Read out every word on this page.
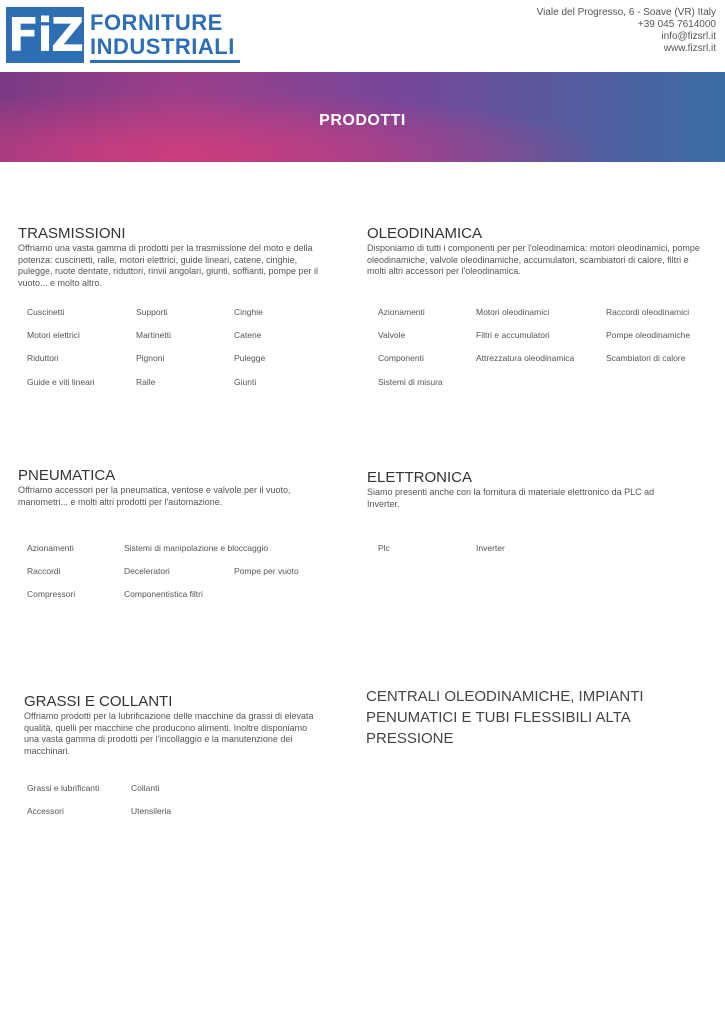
FiZ FORNITURE
INDUSTRIALI
Viale del Progresso, 6 - Soave (VR) Italy
+39 045 7614000
info@fizsrl.it
www.fizsrl.it
PRODOTTI
TRASMISSIONI
Offriamo una vasta gamma di prodotti per la trasmissione del moto e della potenza: cuscinetti, ralle, motori elettrici, guide lineari, catene, cinghie, pulegge, ruote dentate, riduttori, rinvii angolari, giunti, soffianti, pompe per il vuoto... e molto altro.
Cuscinetti	Supporti	Cinghie
Motori elettrici	Martinetti	Catene
Riduttori	Pignoni	Pulegge
Guide e viti lineari	Ralle	Giunti
OLEODINAMICA
Disponiamo di tutti i componenti per per l'oleodinamica: motori oleodinamici, pompe oleodinamiche, valvole oleodinamiche, accumulatori, scambiatori di calore, filtri e molti altri accessori per l'oleodinamica.
Azionamenti	Motori oleodinamici	Raccordi oleodinamici
Valvole	Filtri e accumulatori	Pompe oleodinamiche
Componenti	Attrezzatura oleodinamica	Scambiatori di calore
Sistemi di misura
PNEUMATICA
Offriamo accessori per la pneumatica, ventose e valvole per il vuoto, manometri... e molti altri prodotti per l'automazione.
Azionamenti	Sistemi di manipolazione e bloccaggio
Raccordi	Deceleratori	Pompe per vuoto
Compressori	Componentistica filtri
ELETTRONICA
Siamo presenti anche con la fornitura di materiale elettronico da PLC ad Inverter.
Plc	Inverter
GRASSI E COLLANTI
Offriamo prodotti per la lubrificazione delle macchine da grassi di elevata qualità, quelli per macchine che producono alimenti. Inoltre disponiamo una vasta gamma di prodotti per l'incollaggio e la manutenzione dei macchinari.
Grassi e lubrificanti	Collanti
Accessori	Utensileria
CENTRALI OLEODINAMICHE, IMPIANTI PENUMATICI E TUBI FLESSIBILI ALTA PRESSIONE
